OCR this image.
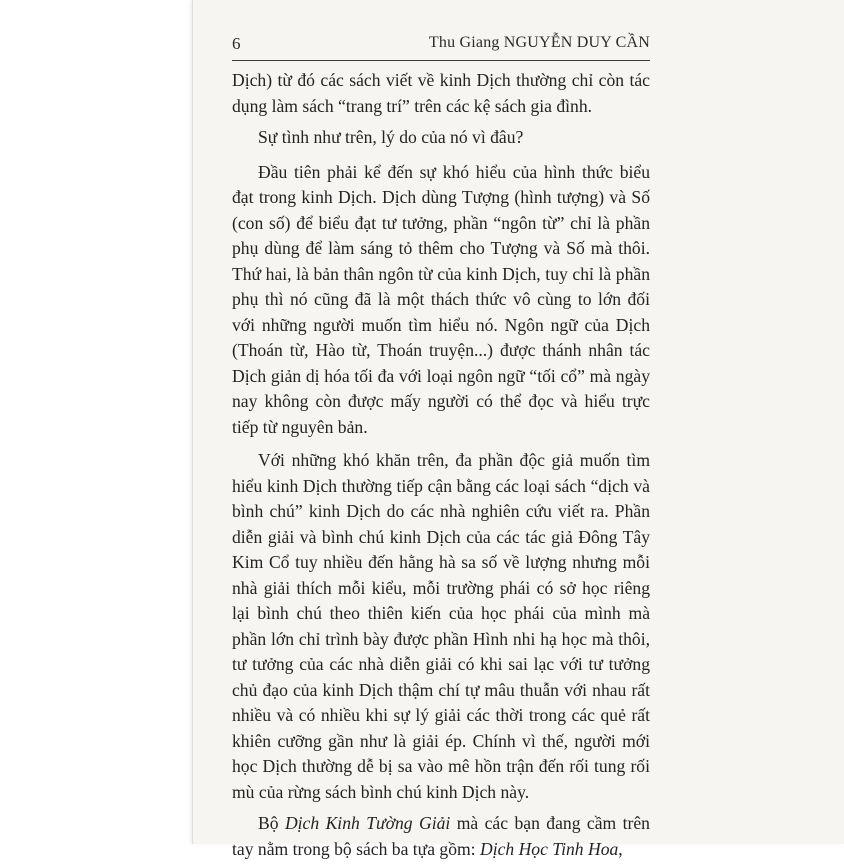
6	Thu Giang NGUYỄN DUY CẦN

Dịch) từ đó các sách viết về kinh Dịch thường chỉ còn tác dụng làm sách “trang trí” trên các kệ sách gia đình.

Sự tình như trên, lý do của nó vì đâu?

Đầu tiên phải kể đến sự khó hiểu của hình thức biểu đạt trong kinh Dịch. Dịch dùng Tượng (hình tượng) và Số (con số) để biểu đạt tư tưởng, phần “ngôn từ” chỉ là phần phụ dùng để làm sáng tỏ thêm cho Tượng và Số mà thôi. Thứ hai, là bản thân ngôn từ của kinh Dịch, tuy chỉ là phần phụ thì nó cũng đã là một thách thức vô cùng to lớn đối với những người muốn tìm hiểu nó. Ngôn ngữ của Dịch (Thoán từ, Hào từ, Thoán truyện...) được thánh nhân tác Dịch giản dị hóa tối đa với loại ngôn ngữ “tối cổ” mà ngày nay không còn được mấy người có thể đọc và hiểu trực tiếp từ nguyên bản.

Với những khó khăn trên, đa phần độc giả muốn tìm hiểu kinh Dịch thường tiếp cận bằng các loại sách “dịch và bình chú” kinh Dịch do các nhà nghiên cứu viết ra. Phần diễn giải và bình chú kinh Dịch của các tác giả Đông Tây Kim Cổ tuy nhiều đến hằng hà sa số về lượng nhưng mỗi nhà giải thích mỗi kiểu, mỗi trường phái có sở học riêng lại bình chú theo thiên kiến của học phái của mình mà phần lớn chỉ trình bày được phần Hình nhi hạ học mà thôi, tư tưởng của các nhà diễn giải có khi sai lạc với tư tưởng chủ đạo của kinh Dịch thậm chí tự mâu thuẫn với nhau rất nhiều và có nhiều khi sự lý giải các thời trong các quẻ rất khiên cưỡng gần như là giải ép. Chính vì thế, người mới học Dịch thường dễ bị sa vào mê hồn trận đến rối tung rối mù của rừng sách bình chú kinh Dịch này.

Bộ Dịch Kinh Tường Giải mà các bạn đang cầm trên tay nằm trong bộ sách ba tựa gồm: Dịch Học Tinh Hoa,
